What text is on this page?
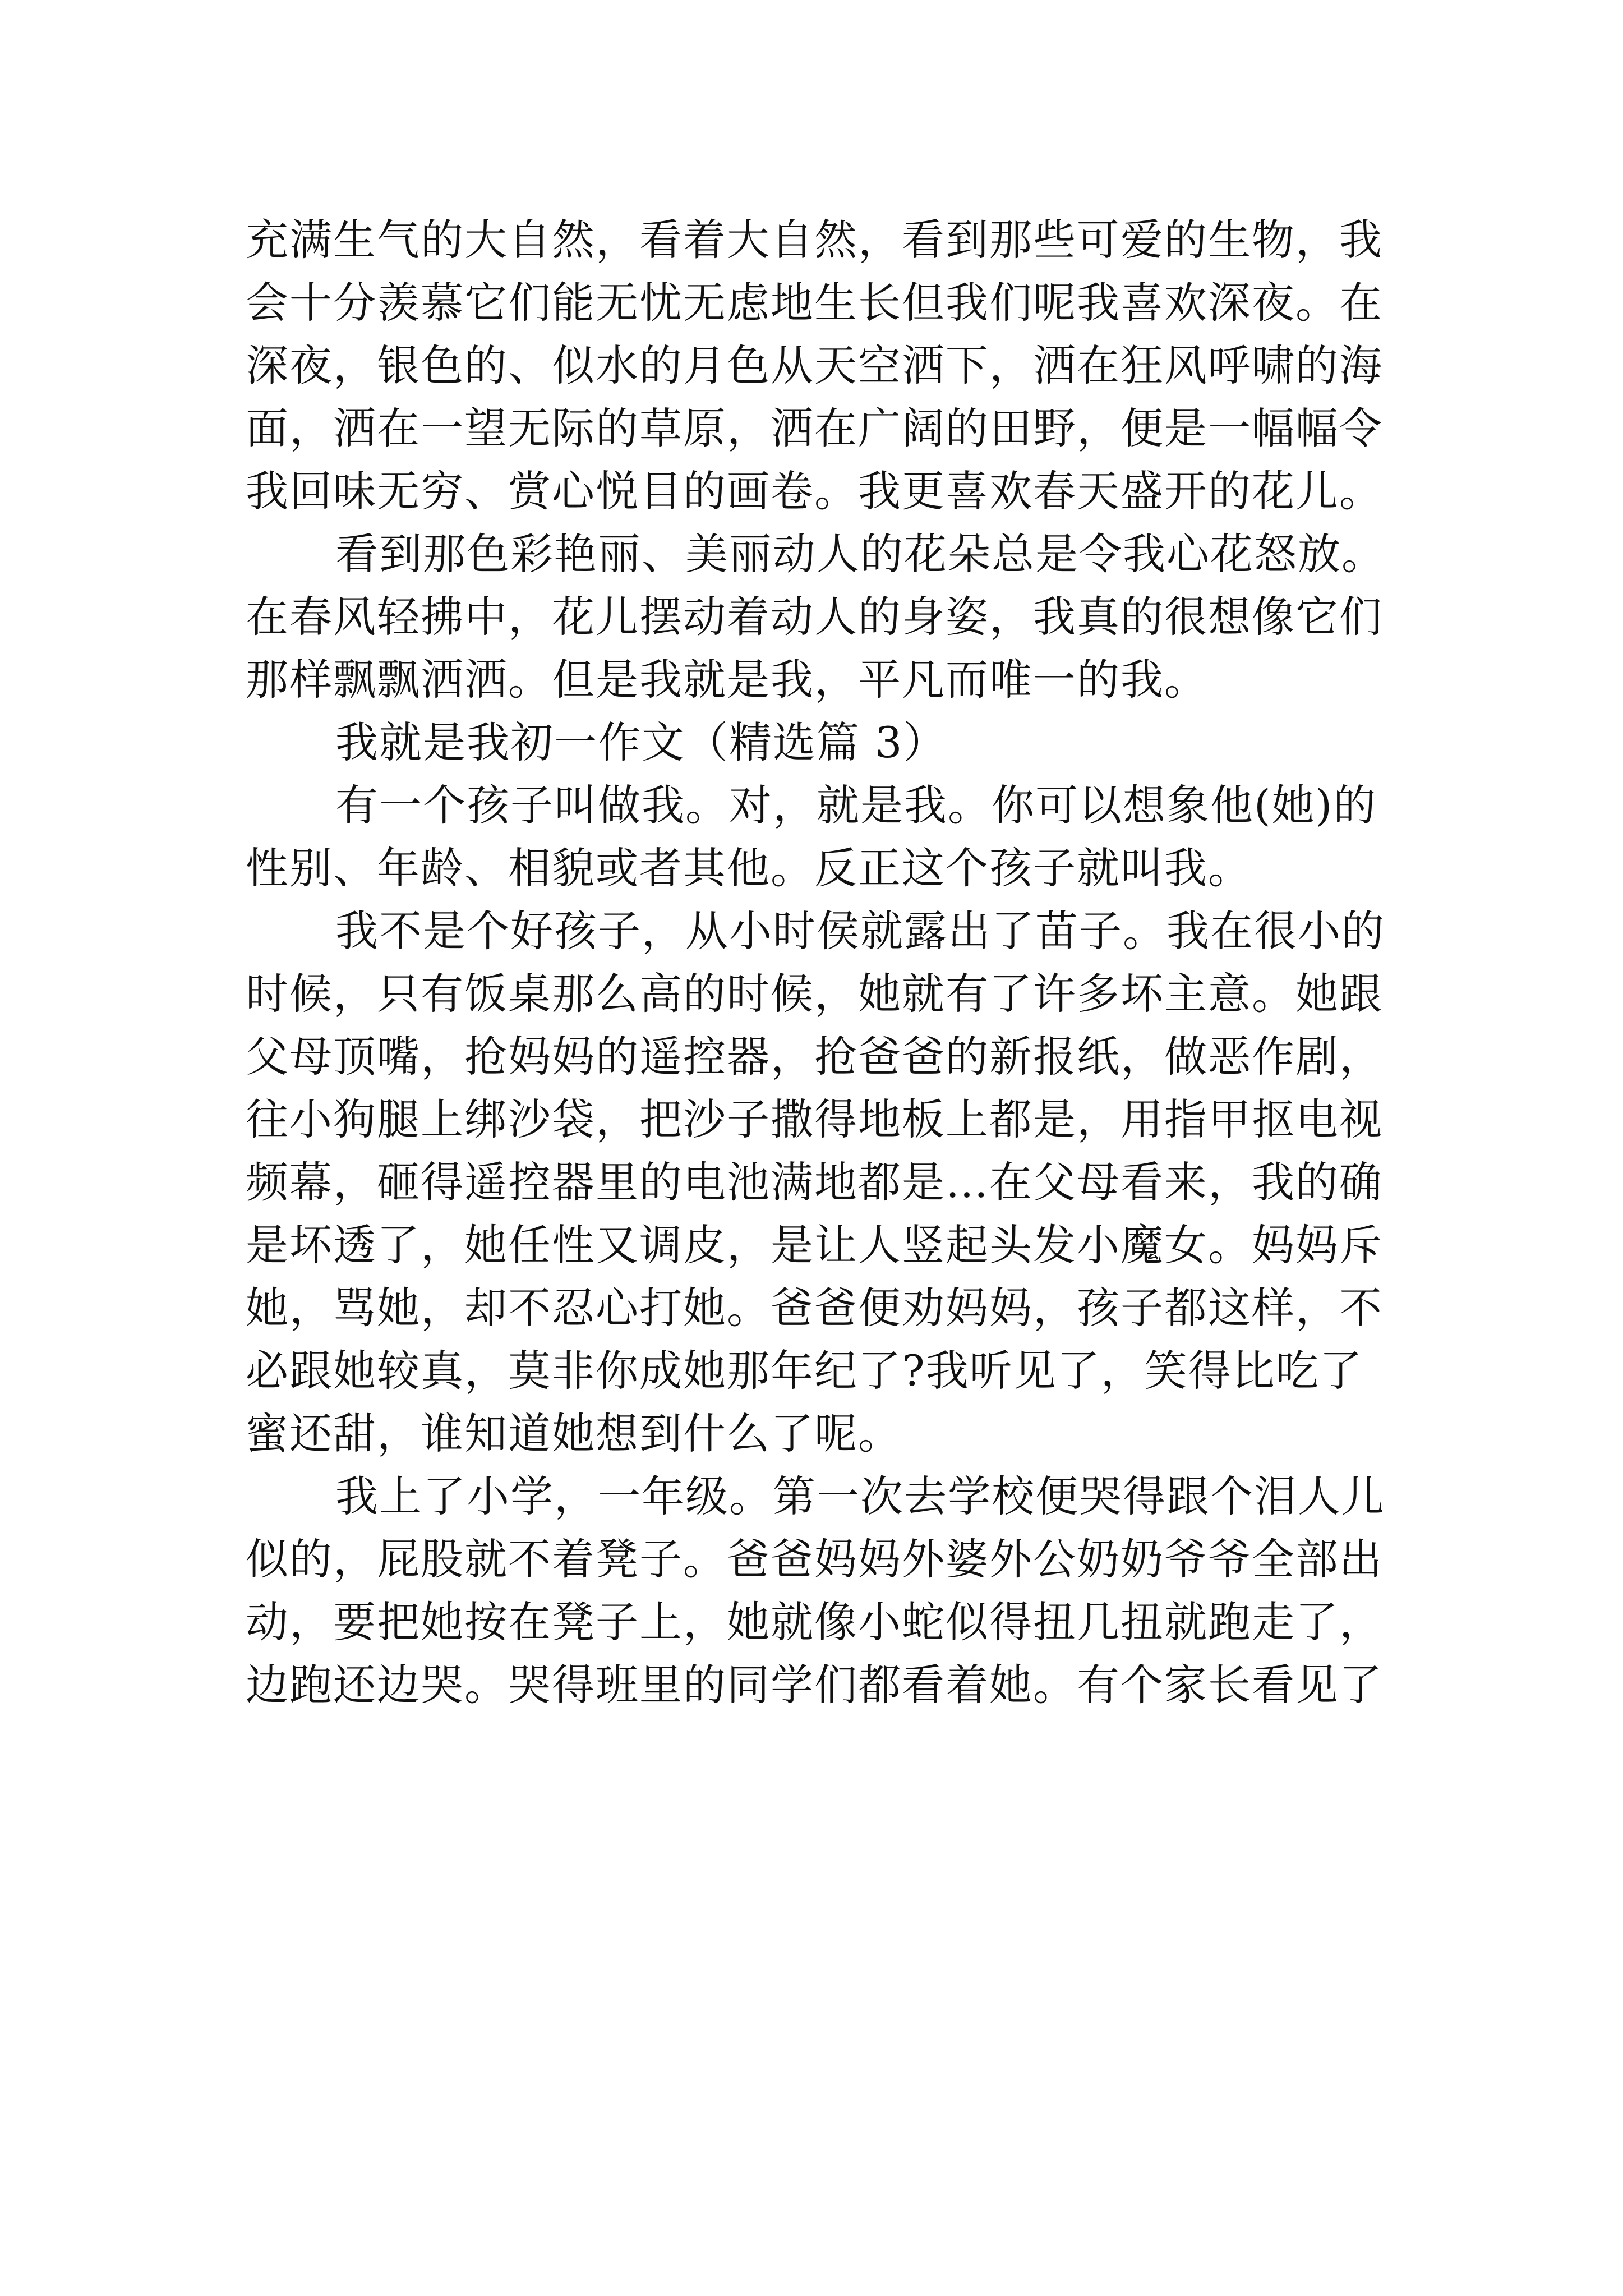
充满生气的大自然，看着大自然，看到那些可爱的生物，我
会十分羡慕它们能无忧无虑地生长但我们呢我喜欢深夜。在
深夜，银色的、似水的月色从天空洒下，洒在狂风呼啸的海
面，洒在一望无际的草原，洒在广阔的田野，便是一幅幅令
我回味无穷、赏心悦目的画卷。我更喜欢春天盛开的花儿。
看到那色彩艳丽、美丽动人的花朵总是令我心花怒放。
在春风轻拂中，花儿摆动着动人的身姿，我真的很想像它们
那样飘飘洒洒。但是我就是我，平凡而唯一的我。
我就是我初一作文（精选篇 3）
有一个孩子叫做我。对，就是我。你可以想象他(她)的
性别、年龄、相貌或者其他。反正这个孩子就叫我。
我不是个好孩子，从小时侯就露出了苗子。我在很小的
时候，只有饭桌那么高的时候，她就有了许多坏主意。她跟
父母顶嘴，抢妈妈的遥控器，抢爸爸的新报纸，做恶作剧，
往小狗腿上绑沙袋，把沙子撒得地板上都是，用指甲抠电视
频幕，砸得遥控器里的电池满地都是…在父母看来，我的确
是坏透了，她任性又调皮，是让人竖起头发小魔女。妈妈斥
她，骂她，却不忍心打她。爸爸便劝妈妈，孩子都这样，不
必跟她较真，莫非你成她那年纪了?我听见了，笑得比吃了
蜜还甜，谁知道她想到什么了呢。
我上了小学，一年级。第一次去学校便哭得跟个泪人儿
似的，屁股就不着凳子。爸爸妈妈外婆外公奶奶爷爷全部出
动，要把她按在凳子上，她就像小蛇似得扭几扭就跑走了，
边跑还边哭。哭得班里的同学们都看着她。有个家长看见了
